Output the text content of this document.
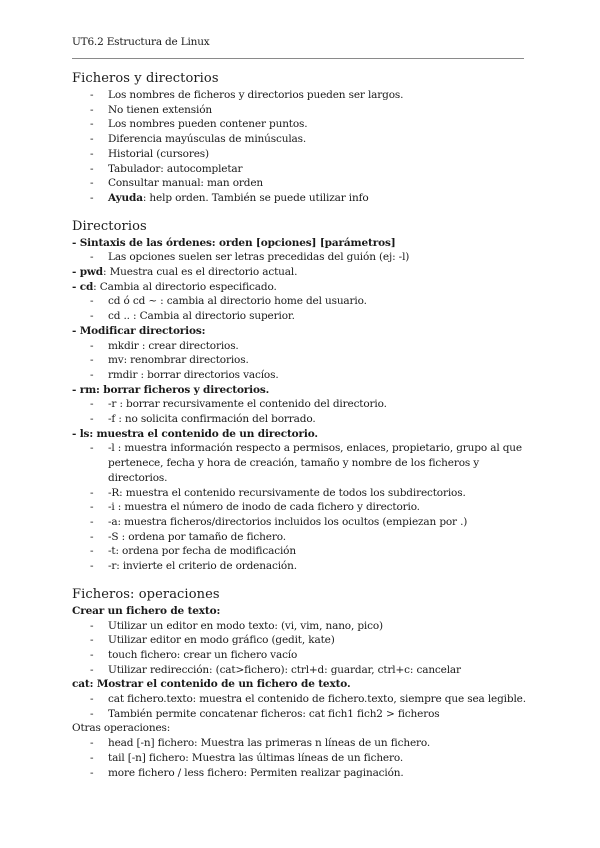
UT6.2 Estructura de Linux
Ficheros y directorios
- Los nombres de ficheros y directorios pueden ser largos.
- No tienen extensión
- Los nombres pueden contener puntos.
- Diferencia mayúsculas de minúsculas.
- Historial (cursores)
- Tabulador: autocompletar
- Consultar manual: man orden
- Ayuda: help orden. También se puede utilizar info
Directorios

- Sintaxis de las órdenes: orden [opciones] [parámetros]

- Las opciones suelen ser letras precedidas del guión (ej: -l)

- pwd: Muestra cual es el directorio actual.

- cd: Cambia al directorio especificado.

- cd ó cd ~ : cambia al directorio home del usuario.
- cd .. : Cambia al directorio superior.

- Modificar directorios:

- mkdir : crear directorios.
- mv: renombrar directorios.
- rmdir : borrar directorios vacíos.

- rm: borrar ficheros y directorios.

- -r : borrar recursivamente el contenido del directorio.
- -f : no solicita confirmación del borrado.

- ls: muestra el contenido de un directorio.

- -l : muestra información respecto a permisos, enlaces, propietario, grupo al que pertenece, fecha y hora de creación, tamaño y nombre de los ficheros y directorios.
- -R: muestra el contenido recursivamente de todos los subdirectorios.
- -i : muestra el número de inodo de cada fichero y directorio.
- -a: muestra ficheros/directorios incluidos los ocultos (empiezan por .)
- -S : ordena por tamaño de fichero.
- -t: ordena por fecha de modificación
- -r: invierte el criterio de ordenación.
Ficheros: operaciones

Crear un fichero de texto:

- Utilizar un editor en modo texto: (vi, vim, nano, pico)
- Utilizar editor en modo gráfico (gedit, kate)
- touch fichero: crear un fichero vacío
- Utilizar redirección: (cat>fichero): ctrl+d: guardar, ctrl+c: cancelar

cat: Mostrar el contenido de un fichero de texto.

- cat fichero.texto: muestra el contenido de fichero.texto, siempre que sea legible.
- También permite concatenar ficheros: cat fich1 fich2 > ficheros

Otras operaciones:

- head [-n] fichero: Muestra las primeras n líneas de un fichero.
- tail [-n] fichero: Muestra las últimas líneas de un fichero.
- more fichero / less fichero: Permiten realizar paginación.
